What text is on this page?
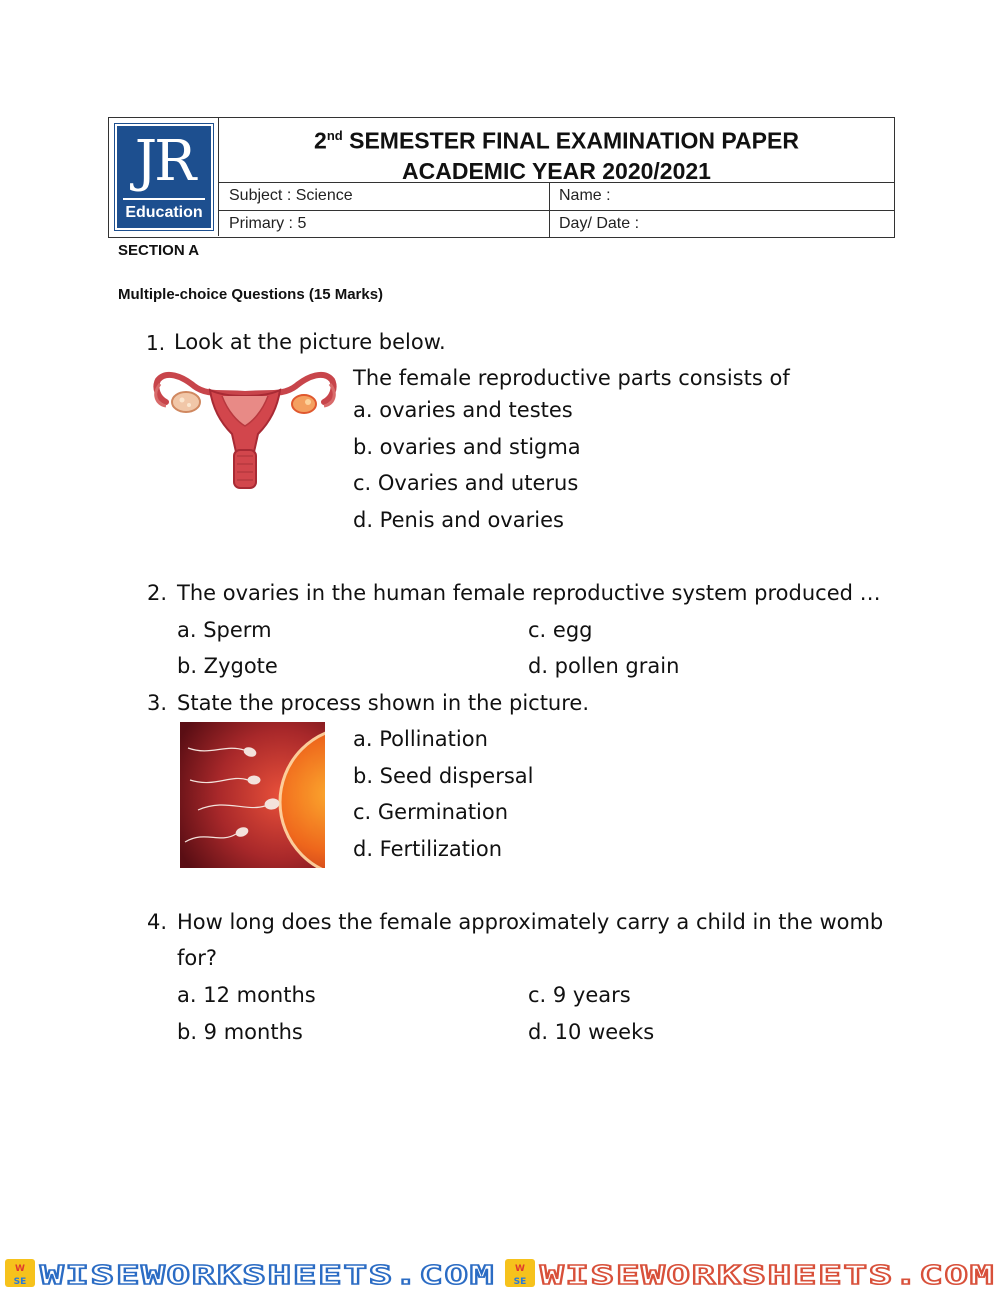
JR
Education
2nd SEMESTER FINAL EXAMINATION PAPER
ACADEMIC YEAR 2020/2021
Subject : Science	Name :
Primary : 5	Day/ Date :
SECTION A
Multiple-choice Questions (15 Marks)
1. Look at the picture below.
The female reproductive parts consists of
a. ovaries and testes
b. ovaries and stigma
c. Ovaries and uterus
d. Penis and ovaries
2. The ovaries in the human female reproductive system produced …
a. Sperm
b. Zygote
c. egg
d. pollen grain
3. State the process shown in the picture.
a. Pollination
b. Seed dispersal
c. Germination
d. Fertilization
4. How long does the female approximately carry a child in the womb
for?
a. 12 months
b. 9 months
c. 9 years
d. 10 weeks
W
SE WISEWORKSHEETS.COM W
SE WISEWORKSHEETS.COM
